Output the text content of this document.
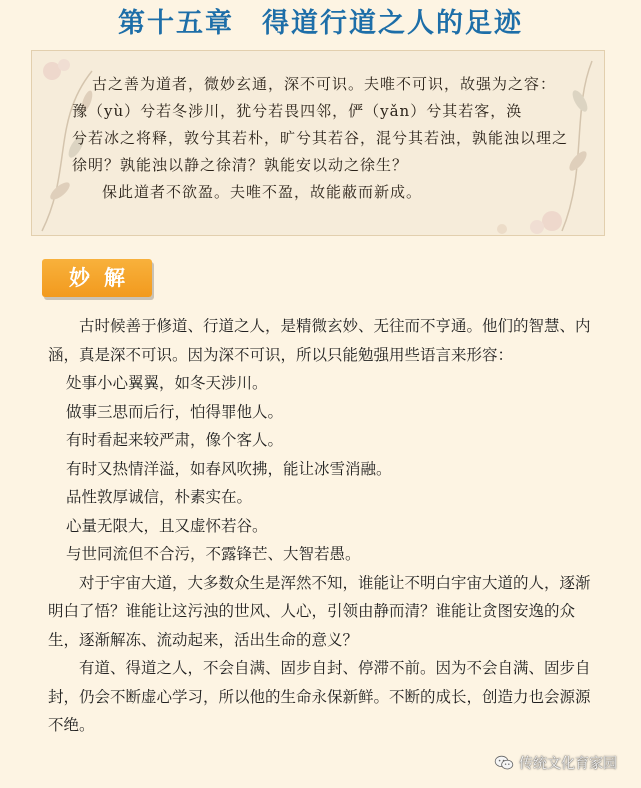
第十五章 得道行道之人的足迹

古之善为道者，微妙玄通，深不可识。夫唯不可识，故强为之容：

豫（yù）兮若冬涉川，犹兮若畏四邻，俨（yǎn）兮其若客，涣

兮若冰之将释，敦兮其若朴，旷兮其若谷，混兮其若浊，孰能浊以理之

徐明？孰能浊以静之徐清？孰能安以动之徐生？

保此道者不欲盈。夫唯不盈，故能蔽而新成。

妙解

古时候善于修道、行道之人，是精微玄妙、无往而不亨通。他们的智慧、内涵，真是深不可识。因为深不可识，所以只能勉强用些语言来形容：

处事小心翼翼，如冬天涉川。

做事三思而后行，怕得罪他人。

有时看起来较严肃，像个客人。

有时又热情洋溢，如春风吹拂，能让冰雪消融。

品性敦厚诚信，朴素实在。

心量无限大，且又虚怀若谷。

与世同流但不合污，不露锋芒、大智若愚。

对于宇宙大道，大多数众生是浑然不知，谁能让不明白宇宙大道的人，逐渐明白了悟？谁能让这污浊的世风、人心，引领由静而清？谁能让贪图安逸的众生，逐渐解冻、流动起来，活出生命的意义？

有道、得道之人，不会自满、固步自封、停滞不前。因为不会自满、固步自封，仍会不断虚心学习，所以他的生命永保新鲜。不断的成长，创造力也会源源不绝。

传统文化育家园
